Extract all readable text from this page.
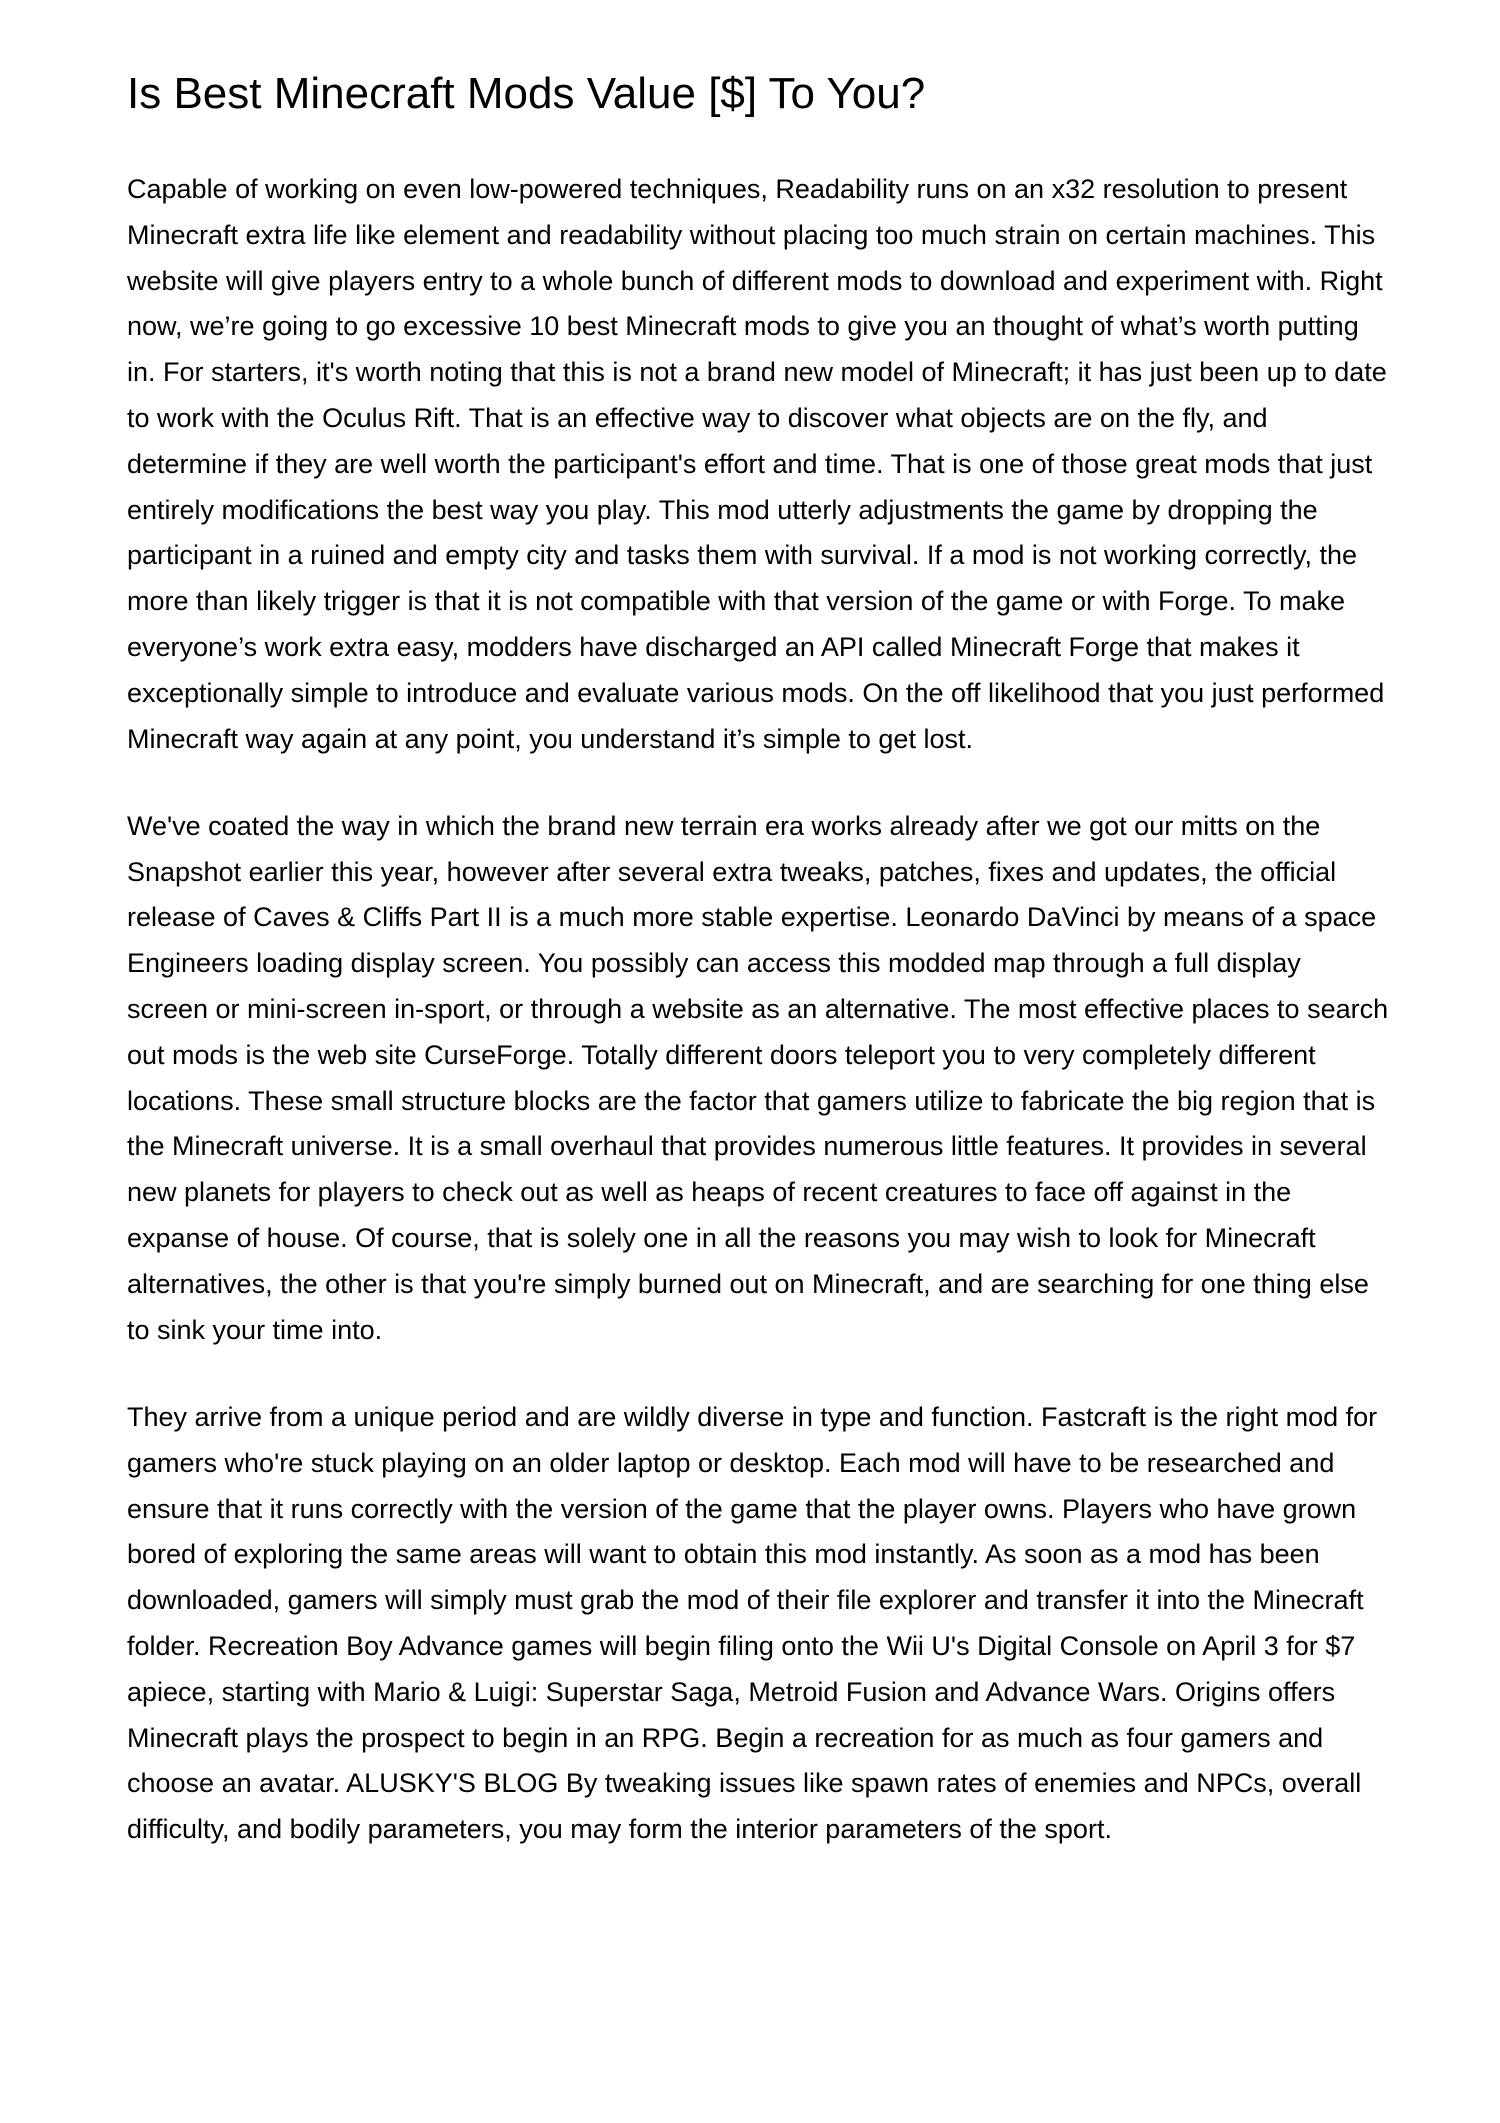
Is Best Minecraft Mods Value [$] To You?

Capable of working on even low-powered techniques, Readability runs on an x32 resolution to present Minecraft extra life like element and readability without placing too much strain on certain machines. This website will give players entry to a whole bunch of different mods to download and experiment with. Right now, we’re going to go excessive 10 best Minecraft mods to give you an thought of what’s worth putting in. For starters, it's worth noting that this is not a brand new model of Minecraft; it has just been up to date to work with the Oculus Rift. That is an effective way to discover what objects are on the fly, and determine if they are well worth the participant's effort and time. That is one of those great mods that just entirely modifications the best way you play. This mod utterly adjustments the game by dropping the participant in a ruined and empty city and tasks them with survival. If a mod is not working correctly, the more than likely trigger is that it is not compatible with that version of the game or with Forge. To make everyone’s work extra easy, modders have discharged an API called Minecraft Forge that makes it exceptionally simple to introduce and evaluate various mods. On the off likelihood that you just performed Minecraft way again at any point, you understand it’s simple to get lost.

We've coated the way in which the brand new terrain era works already after we got our mitts on the Snapshot earlier this year, however after several extra tweaks, patches, fixes and updates, the official release of Caves & Cliffs Part II is a much more stable expertise. Leonardo DaVinci by means of a space Engineers loading display screen. You possibly can access this modded map through a full display screen or mini-screen in-sport, or through a website as an alternative. The most effective places to search out mods is the web site CurseForge. Totally different doors teleport you to very completely different locations. These small structure blocks are the factor that gamers utilize to fabricate the big region that is the Minecraft universe. It is a small overhaul that provides numerous little features. It provides in several new planets for players to check out as well as heaps of recent creatures to face off against in the expanse of house. Of course, that is solely one in all the reasons you may wish to look for Minecraft alternatives, the other is that you're simply burned out on Minecraft, and are searching for one thing else to sink your time into.

They arrive from a unique period and are wildly diverse in type and function. Fastcraft is the right mod for gamers who're stuck playing on an older laptop or desktop. Each mod will have to be researched and ensure that it runs correctly with the version of the game that the player owns. Players who have grown bored of exploring the same areas will want to obtain this mod instantly. As soon as a mod has been downloaded, gamers will simply must grab the mod of their file explorer and transfer it into the Minecraft folder. Recreation Boy Advance games will begin filing onto the Wii U's Digital Console on April 3 for $7 apiece, starting with Mario & Luigi: Superstar Saga, Metroid Fusion and Advance Wars. Origins offers Minecraft plays the prospect to begin in an RPG. Begin a recreation for as much as four gamers and choose an avatar. ALUSKY'S BLOG By tweaking issues like spawn rates of enemies and NPCs, overall difficulty, and bodily parameters, you may form the interior parameters of the sport.
